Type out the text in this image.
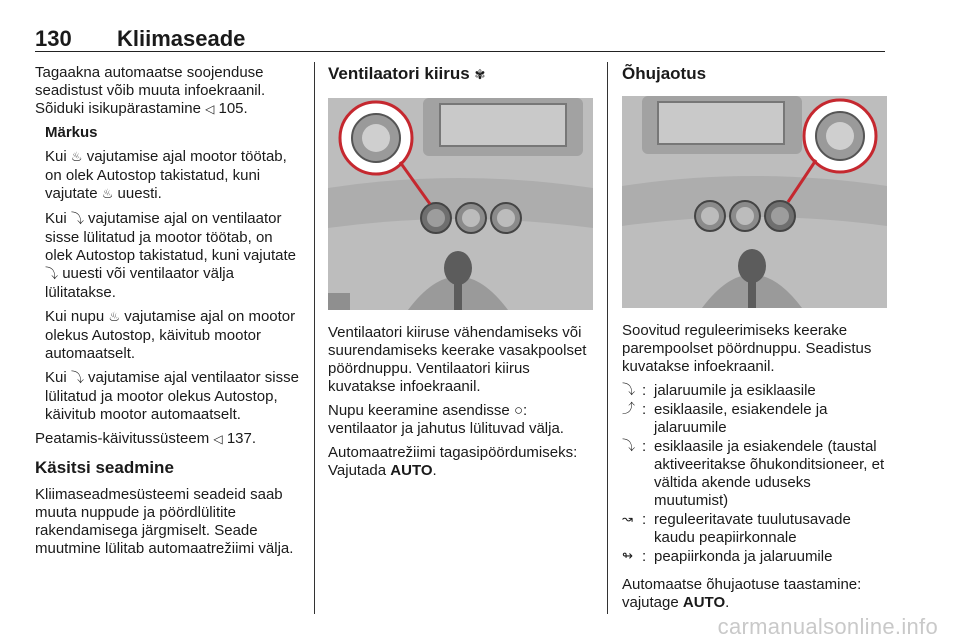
130 Kliimaseade

Tagaakna automaatse soojenduse seadistust võib muuta infoekraanil. Sõiduki isikupärastamine ◁ 105.

Märkus

Kui ♨ vajutamise ajal mootor töötab, on olek Autostop takistatud, kuni vajutate ♨ uuesti.

Kui ⤵ vajutamise ajal on ventilaator sisse lülitatud ja mootor töötab, on olek Autostop takistatud, kuni vajutate ⤵ uuesti või ventilaator välja lülitatakse.

Kui nupu ♨ vajutamise ajal on mootor olekus Autostop, käivitub mootor automaatselt.

Kui ⤵ vajutamise ajal ventilaator sisse lülitatud ja mootor olekus Autostop, käivitub mootor automaatselt.

Peatamis-käivitussüsteem ◁ 137.

Käsitsi seadmine

Kliimaseadmesüsteemi seadeid saab muuta nuppude ja pöördlülitite rakendamisega järgmiselt. Seade muutmine lülitab automaatrežiimi välja.

Ventilaatori kiirus ✾

Ventilaatori kiiruse vähendamiseks või suurendamiseks keerake vasakpoolset pöördnuppu. Ventilaatori kiirus kuvatakse infoekraanil.

Nupu keeramine asendisse ○: ventilaator ja jahutus lülituvad välja.

Automaatrežiimi tagasipöördumiseks: Vajutada AUTO.

Õhujaotus

Soovitud reguleerimiseks keerake parempoolset pöördnuppu. Seadistus kuvatakse infoekraanil.

⤵ : jalaruumile ja esiklaasile
⤴ : esiklaasile, esiakendele ja jalaruumile
⤵ : esiklaasile ja esiakendele (taustal aktiveeritakse õhukonditsioneer, et vältida akende uduseks muutumist)
↝ : reguleeritavate tuulutusavade kaudu peapiirkonnale
↬ : peapiirkonda ja jalaruumile

Automaatse õhujaotuse taastamine: vajutage AUTO.

carmanualsonline.info
